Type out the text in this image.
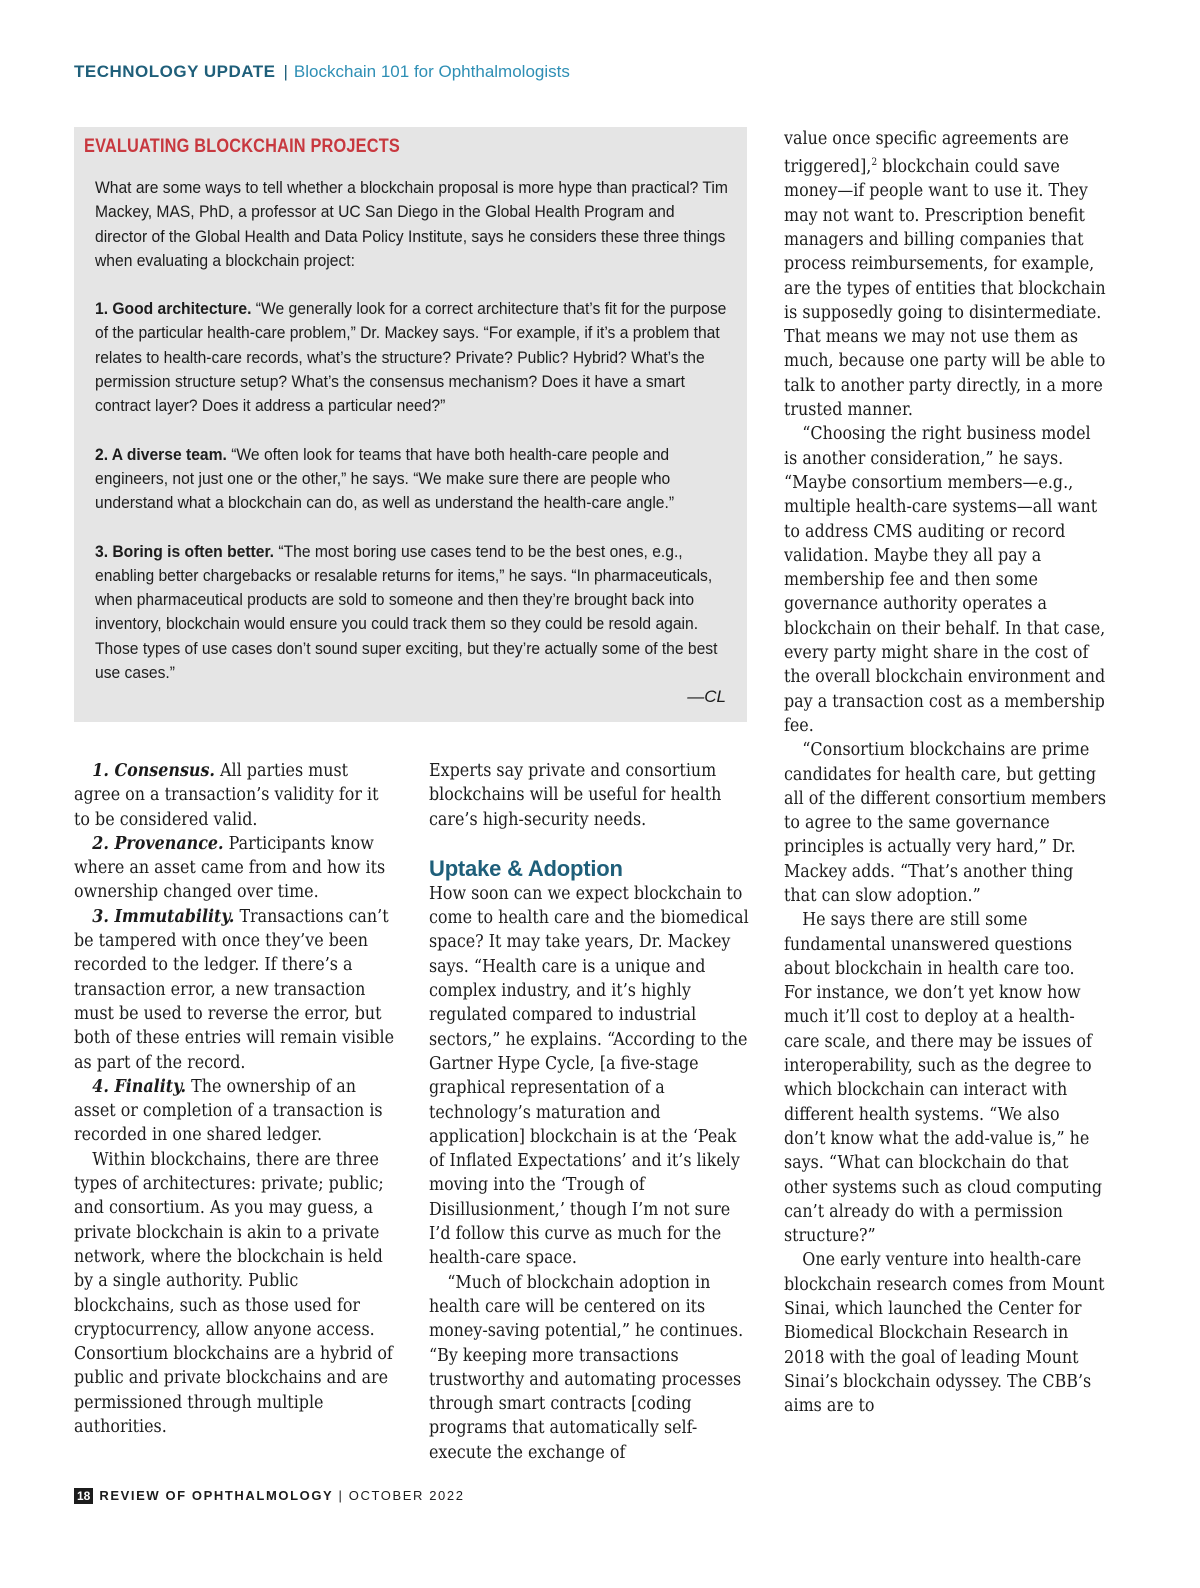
TECHNOLOGY UPDATE | Blockchain 101 for Ophthalmologists
EVALUATING BLOCKCHAIN PROJECTS

What are some ways to tell whether a blockchain proposal is more hype than practical? Tim Mackey, MAS, PhD, a professor at UC San Diego in the Global Health Program and director of the Global Health and Data Policy Institute, says he considers these three things when evaluating a blockchain project:

1. Good architecture. “We generally look for a correct architecture that’s fit for the purpose of the particular health-care problem,” Dr. Mackey says. “For example, if it’s a problem that relates to health-care records, what’s the structure? Private? Public? Hybrid? What’s the permission structure setup? What’s the consensus mechanism? Does it have a smart contract layer? Does it address a particular need?”

2. A diverse team. “We often look for teams that have both health-care people and engineers, not just one or the other,” he says. “We make sure there are people who understand what a blockchain can do, as well as understand the health-care angle.”

3. Boring is often better. “The most boring use cases tend to be the best ones, e.g., enabling better chargebacks or resalable returns for items,” he says. “In pharmaceuticals, when pharmaceutical products are sold to someone and then they’re brought back into inventory, blockchain would ensure you could track them so they could be resold again. Those types of use cases don’t sound super exciting, but they’re actually some of the best use cases.”

—CL

1. Consensus. All parties must agree on a transaction’s validity for it to be considered valid.

2. Provenance. Participants know where an asset came from and how its ownership changed over time.

3. Immutability. Transactions can’t be tampered with once they’ve been recorded to the ledger. If there’s a transaction error, a new transaction must be used to reverse the error, but both of these entries will remain visible as part of the record.

4. Finality. The ownership of an asset or completion of a transaction is recorded in one shared ledger.

Within blockchains, there are three types of architectures: private; public; and consortium. As you may guess, a private blockchain is akin to a private network, where the blockchain is held by a single authority. Public blockchains, such as those used for cryptocurrency, allow anyone access. Consortium blockchains are a hybrid of public and private blockchains and are permissioned through multiple authorities.

Experts say private and consortium blockchains will be useful for health care’s high-security needs.

Uptake & Adoption

How soon can we expect blockchain to come to health care and the biomedical space? It may take years, Dr. Mackey says. “Health care is a unique and complex industry, and it’s highly regulated compared to industrial sectors,” he explains. “According to the Gartner Hype Cycle, [a five-stage graphical representation of a technology’s maturation and application] blockchain is at the ‘Peak of Inflated Expectations’ and it’s likely moving into the ‘Trough of Disillusionment,’ though I’m not sure I’d follow this curve as much for the health-care space.

“Much of blockchain adoption in health care will be centered on its money-saving potential,” he continues. “By keeping more transactions trustworthy and automating processes through smart contracts [coding programs that automatically self-execute the exchange of

value once specific agreements are triggered],$^2$ blockchain could save money—if people want to use it. They may not want to. Prescription benefit managers and billing companies that process reimbursements, for example, are the types of entities that blockchain is supposedly going to disintermediate. That means we may not use them as much, because one party will be able to talk to another party directly, in a more trusted manner.

“Choosing the right business model is another consideration,” he says. “Maybe consortium members—e.g., multiple health-care systems—all want to address CMS auditing or record validation. Maybe they all pay a membership fee and then some governance authority operates a blockchain on their behalf. In that case, every party might share in the cost of the overall blockchain environment and pay a transaction cost as a membership fee.

“Consortium blockchains are prime candidates for health care, but getting all of the different consortium members to agree to the same governance principles is actually very hard,” Dr. Mackey adds. “That’s another thing that can slow adoption.”

He says there are still some fundamental unanswered questions about blockchain in health care too. For instance, we don’t yet know how much it’ll cost to deploy at a health-care scale, and there may be issues of interoperability, such as the degree to which blockchain can interact with different health systems. “We also don’t know what the add-value is,” he says. “What can blockchain do that other systems such as cloud computing can’t already do with a permission structure?”

One early venture into health-care blockchain research comes from Mount Sinai, which launched the Center for Biomedical Blockchain Research in 2018 with the goal of leading Mount Sinai’s blockchain odyssey. The CBB’s aims are to

18 REVIEW OF OPHTHALMOLOGY | OCTOBER 2022
